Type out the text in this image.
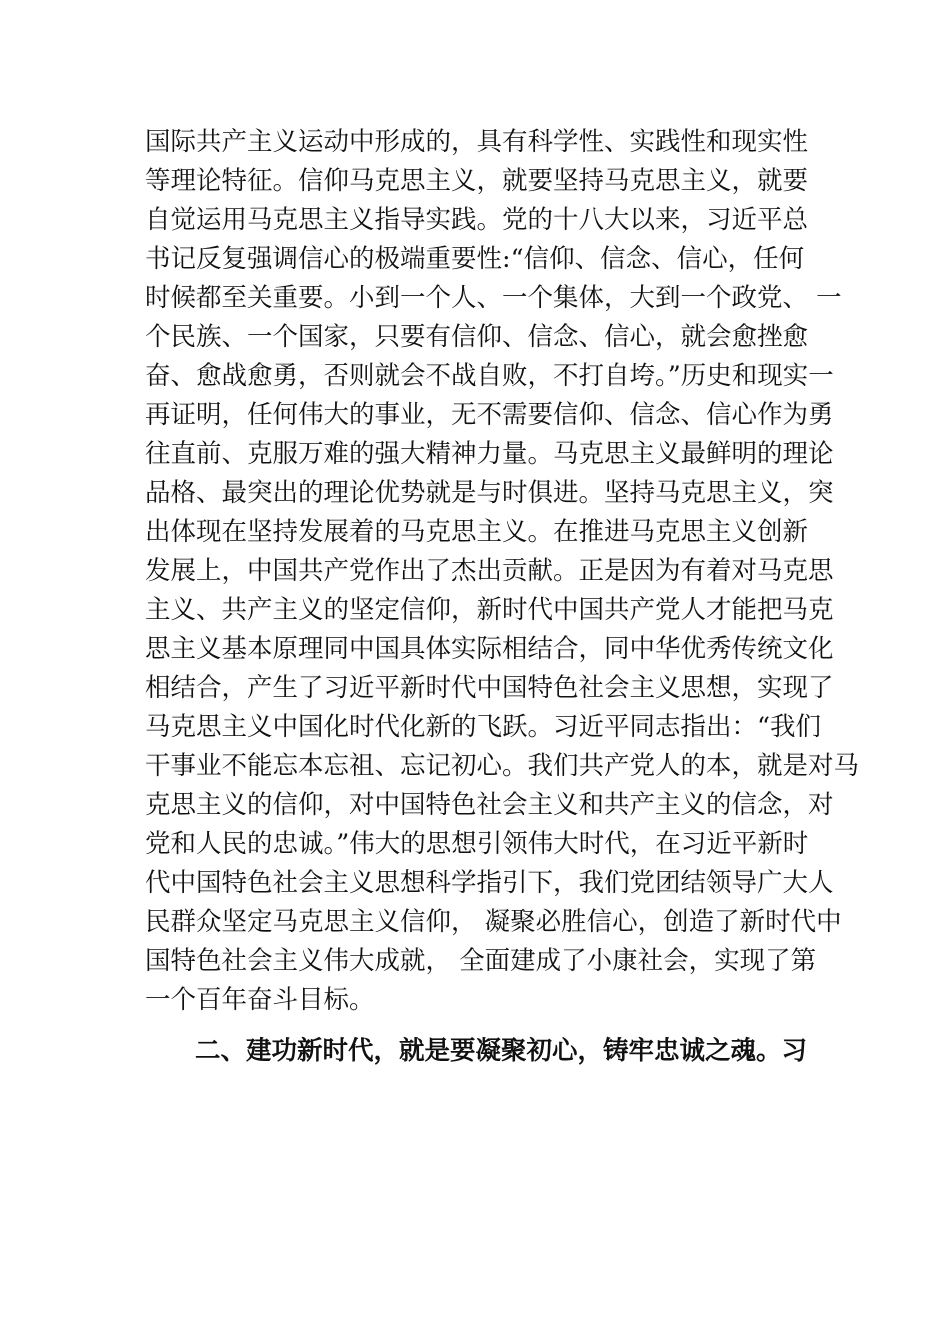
国际共产主义运动中形成的，具有科学性、实践性和现实性
等理论特征。信仰马克思主义，就要坚持马克思主义，就要
自觉运用马克思主义指导实践。党的十八大以来，习近平总
书记反复强调信心的极端重要性:“信仰、信念、信心，任何
时候都至关重要。小到一个人、一个集体，大到一个政党、 一
个民族、一个国家，只要有信仰、信念、信心，就会愈挫愈
奋、愈战愈勇，否则就会不战自败，不打自垮。”历史和现实一
再证明，任何伟大的事业，无不需要信仰、信念、信心作为勇
往直前、克服万难的强大精神力量。马克思主义最鲜明的理论
品格、最突出的理论优势就是与时俱进。坚持马克思主义，突
出体现在坚持发展着的马克思主义。在推进马克思主义创新
发展上，中国共产党作出了杰出贡献。正是因为有着对马克思
主义、共产主义的坚定信仰，新时代中国共产党人才能把马克
思主义基本原理同中国具体实际相结合，同中华优秀传统文化
相结合，产生了习近平新时代中国特色社会主义思想，实现了
马克思主义中国化时代化新的飞跃。习近平同志指出：“我们
干事业不能忘本忘祖、忘记初心。我们共产党人的本，就是对马
克思主义的信仰，对中国特色社会主义和共产主义的信念，对
党和人民的忠诚。”伟大的思想引领伟大时代，在习近平新时
代中国特色社会主义思想科学指引下，我们党团结领导广大人
民群众坚定马克思主义信仰， 凝聚必胜信心，创造了新时代中
国特色社会主义伟大成就， 全面建成了小康社会，实现了第
一个百年奋斗目标。
二、建功新时代，就是要凝聚初心，铸牢忠诚之魂。习
